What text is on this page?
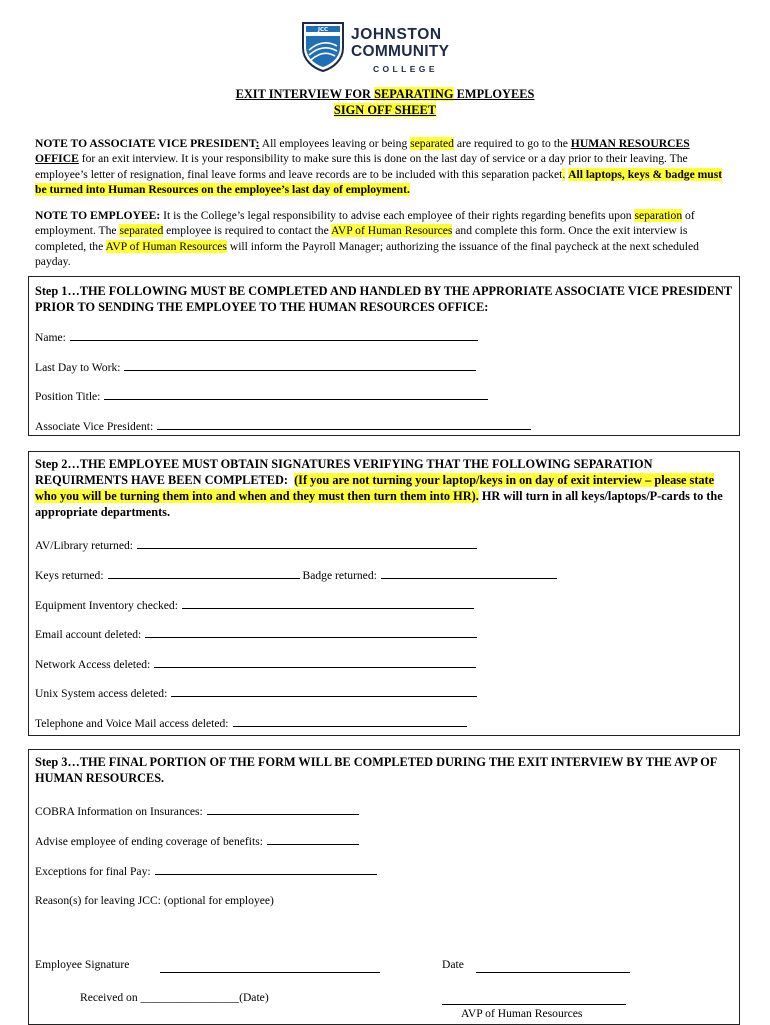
JCC JOHNSTON
COMMUNITY
COLLEGE
EXIT INTERVIEW FOR SEPARATING EMPLOYEES
SIGN OFF SHEET
NOTE TO ASSOCIATE VICE PRESIDENT: All employees leaving or being separated are required to go to the HUMAN RESOURCES OFFICE for an exit interview. It is your responsibility to make sure this is done on the last day of service or a day prior to their leaving. The employee’s letter of resignation, final leave forms and leave records are to be included with this separation packet. All laptops, keys & badge must be turned into Human Resources on the employee’s last day of employment.
NOTE TO EMPLOYEE: It is the College’s legal responsibility to advise each employee of their rights regarding benefits upon separation of employment. The separated employee is required to contact the AVP of Human Resources and complete this form. Once the exit interview is completed, the AVP of Human Resources will inform the Payroll Manager; authorizing the issuance of the final paycheck at the next scheduled payday.
Step 1…THE FOLLOWING MUST BE COMPLETED AND HANDLED BY THE APPRORIATE ASSOCIATE VICE PRESIDENT PRIOR TO SENDING THE EMPLOYEE TO THE HUMAN RESOURCES OFFICE:
Name:
Last Day to Work:
Position Title:
Associate Vice President:
Step 2…THE EMPLOYEE MUST OBTAIN SIGNATURES VERIFYING THAT THE FOLLOWING SEPARATION REQUIRMENTS HAVE BEEN COMPLETED: (If you are not turning your laptop/keys in on day of exit interview – please state who you will be turning them into and when and they must then turn them into HR). HR will turn in all keys/laptops/P-cards to the appropriate departments.
AV/Library returned:
Keys returned:	Badge returned:
Equipment Inventory checked:
Email account deleted:
Network Access deleted:
Unix System access deleted:
Telephone and Voice Mail access deleted:
Step 3…THE FINAL PORTION OF THE FORM WILL BE COMPLETED DURING THE EXIT INTERVIEW BY THE AVP OF HUMAN RESOURCES.
COBRA Information on Insurances:
Advise employee of ending coverage of benefits:
Exceptions for final Pay:
Reason(s) for leaving JCC: (optional for employee)
Employee Signature	Date
Received on _________________(Date)
AVP of Human Resources
